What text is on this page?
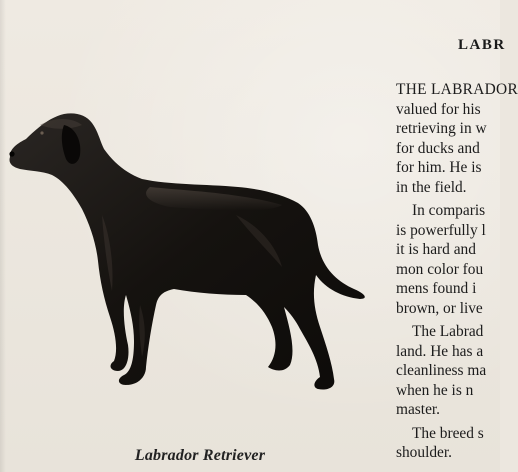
Labrador Retriever
LABR
THE LABRADOR
valued for his
retrieving in w
for ducks and
for him. He is
in the field.
In comparis
is powerfully l
it is hard and
mon color fou
mens found i
brown, or live
The Labrad
land. He has a
cleanliness ma
when he is n
master.
The breed s
shoulder.
